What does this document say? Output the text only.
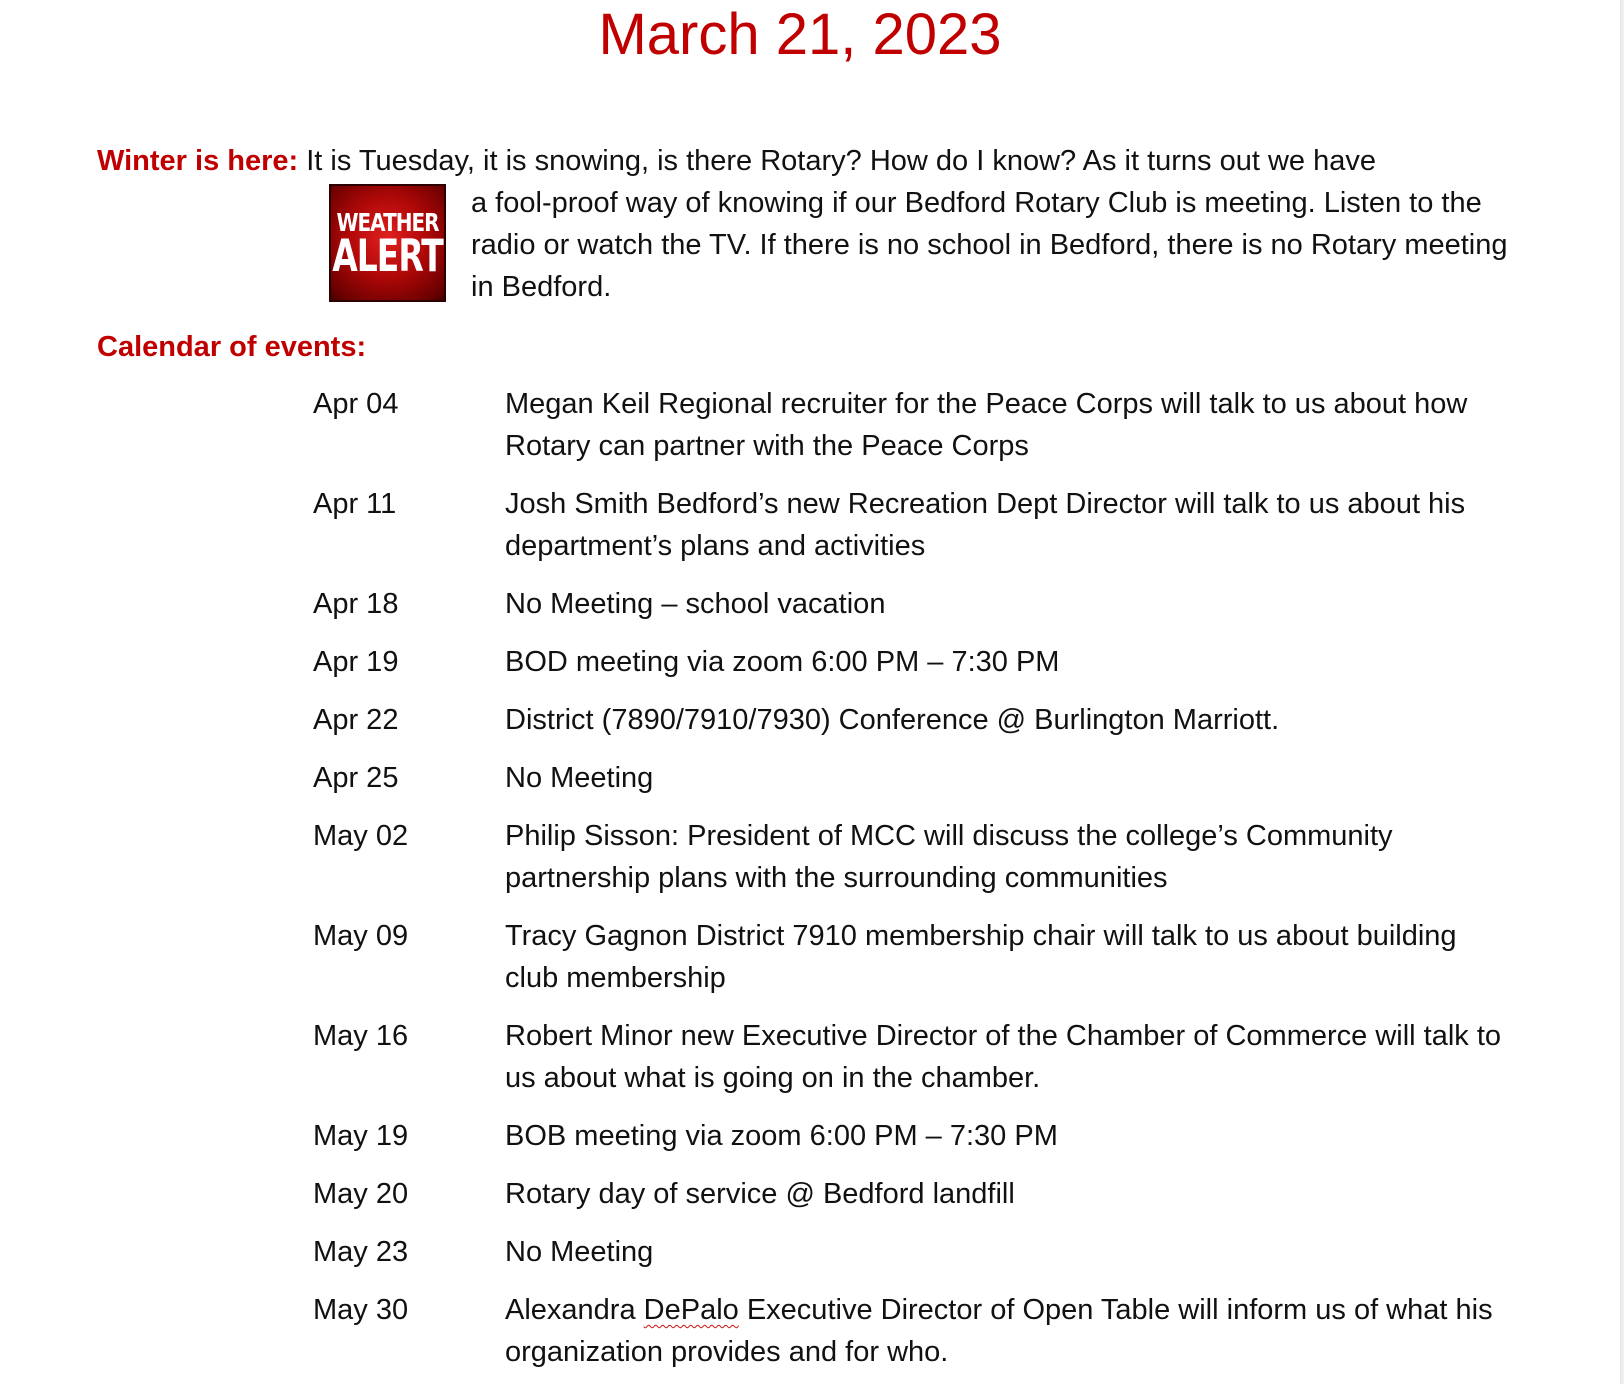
March 21, 2023
Winter is here: It is Tuesday, it is snowing, is there Rotary? How do I know? As it turns out we have
WEATHER
ALERT
a fool-proof way of knowing if our Bedford Rotary Club is meeting. Listen to the radio or watch the TV. If there is no school in Bedford, there is no Rotary meeting in Bedford.
Calendar of events:
Apr 04	Megan Keil Regional recruiter for the Peace Corps will talk to us about how Rotary can partner with the Peace Corps
Apr 11	Josh Smith Bedford’s new Recreation Dept Director will talk to us about his department’s plans and activities
Apr 18	No Meeting – school vacation
Apr 19	BOD meeting via zoom 6:00 PM – 7:30 PM
Apr 22	District (7890/7910/7930) Conference @ Burlington Marriott.
Apr 25	No Meeting
May 02	Philip Sisson: President of MCC will discuss the college’s Community partnership plans with the surrounding communities
May 09	Tracy Gagnon District 7910 membership chair will talk to us about building club membership
May 16	Robert Minor new Executive Director of the Chamber of Commerce will talk to us about what is going on in the chamber.
May 19	BOB meeting via zoom 6:00 PM – 7:30 PM
May 20	Rotary day of service @ Bedford landfill
May 23	No Meeting
May 30	Alexandra DePalo Executive Director of Open Table will inform us of what his organization provides and for who.
